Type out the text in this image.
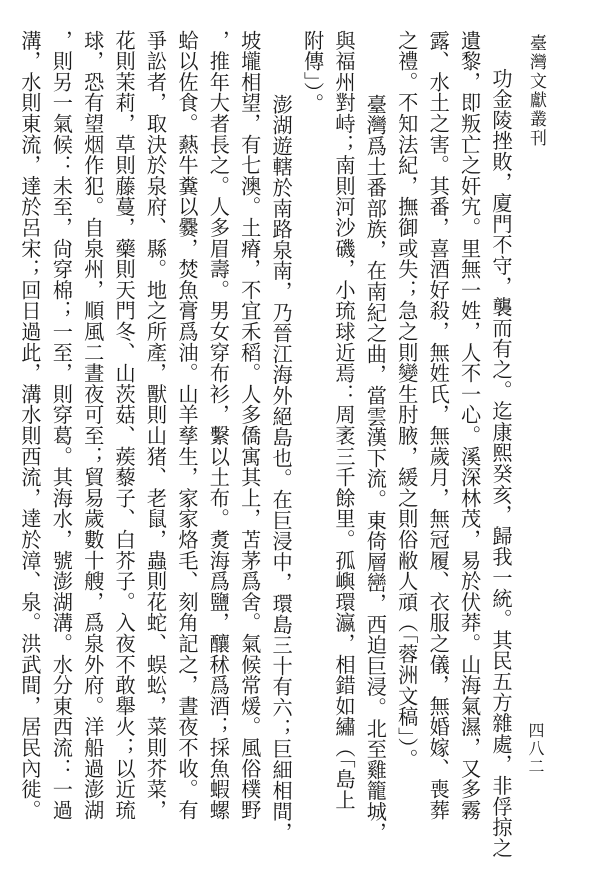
臺灣文獻叢刊
四八二
功金陵挫敗，廈門不守，襲而有之。迄康熙癸亥，歸我一統。其民五方雜處，非俘掠之
遺黎，即叛亡之奸宄。里無一姓，人不一心。溪深林茂，易於伏莽。山海氣濕，又多霧
露、水土之害。其番，喜酒好殺，無姓氏，無歲月，無冠履、衣服之儀，無婚嫁、喪葬
之禮。不知法紀，撫御或失；急之則變生肘腋，緩之則俗敝人頑（「蓉洲文稿」）。
臺灣爲土番部族，在南紀之曲，當雲漢下流。東倚層巒，西迫巨浸。北至雞籠城，
與福州對峙；南則河沙磯，小琉球近焉：周袤三千餘里。孤嶼環瀛，相錯如繡（「島上
附傳」）。
澎湖遊轄於南路泉南，乃晉江海外絕島也。在巨浸中，環島三十有六；巨細相間，
坡壠相望，有七澳。土瘠，不宜禾稻。人多僑寓其上，苫茅爲舍。氣候常煖。風俗樸野
，推年大者長之。人多眉壽。男女穿布衫，繫以土布。煑海爲鹽，釀秫爲酒；採魚蝦螺
蛤以佐食。爇牛糞以爨，焚魚膏爲油。山羊孳生，家家烙毛、刻角記之，晝夜不收。有
爭訟者，取決於泉府、縣。地之所產，獸則山猪、老鼠，蟲則花蛇、蜈蚣，菜則芥菜，
花則茉莉，草則藤蔓，藥則天門冬、山茨菇、蒺藜子、白芥子。入夜不敢舉火；以近琉
球，恐有望烟作犯。自泉州，順風二晝夜可至；貿易歲數十艘，爲泉外府。洋船過澎湖
，則另一氣候：未至，尙穿棉；一至，則穿葛。其海水，號澎湖溝。水分東西流：一過
溝，水則東流，達於呂宋；回日過此，溝水則西流，達於漳、泉。洪武間，居民內徙。
